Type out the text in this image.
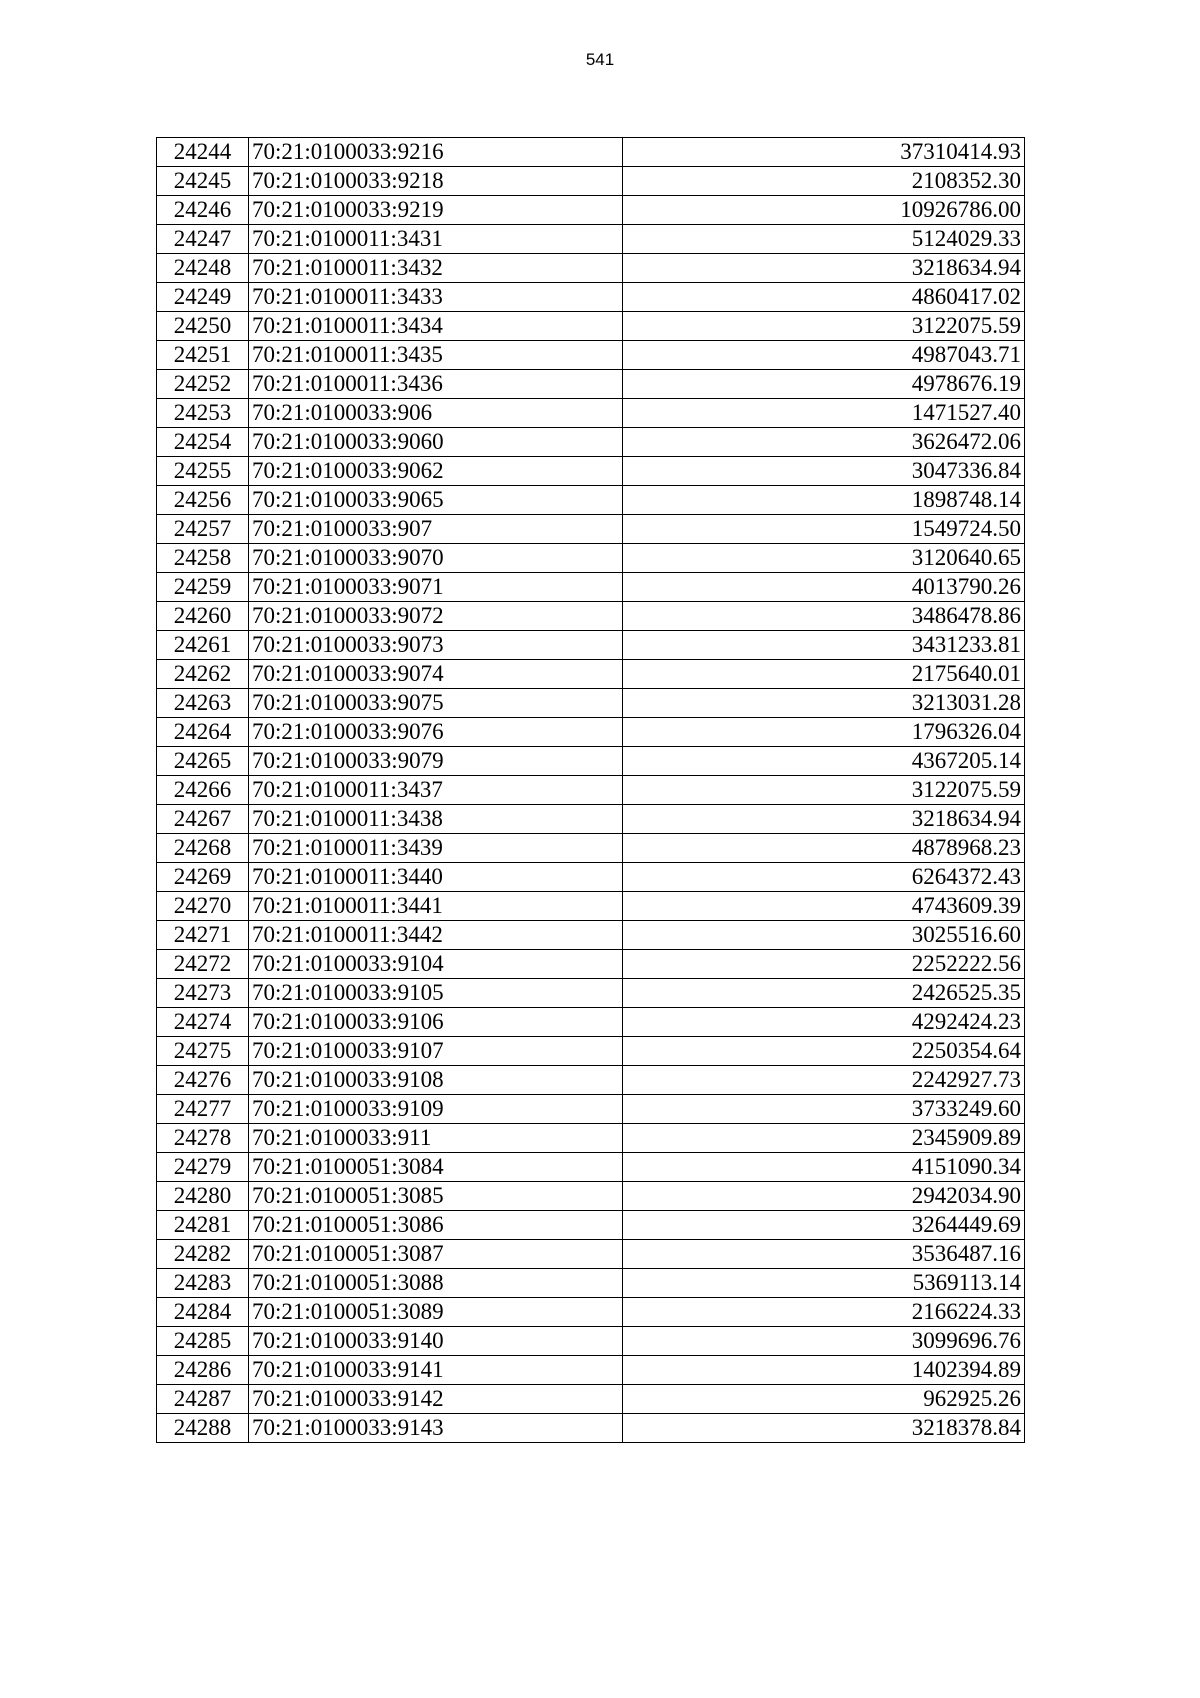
541
24244	70:21:0100033:9216	37310414.93
24245	70:21:0100033:9218	2108352.30
24246	70:21:0100033:9219	10926786.00
24247	70:21:0100011:3431	5124029.33
24248	70:21:0100011:3432	3218634.94
24249	70:21:0100011:3433	4860417.02
24250	70:21:0100011:3434	3122075.59
24251	70:21:0100011:3435	4987043.71
24252	70:21:0100011:3436	4978676.19
24253	70:21:0100033:906	1471527.40
24254	70:21:0100033:9060	3626472.06
24255	70:21:0100033:9062	3047336.84
24256	70:21:0100033:9065	1898748.14
24257	70:21:0100033:907	1549724.50
24258	70:21:0100033:9070	3120640.65
24259	70:21:0100033:9071	4013790.26
24260	70:21:0100033:9072	3486478.86
24261	70:21:0100033:9073	3431233.81
24262	70:21:0100033:9074	2175640.01
24263	70:21:0100033:9075	3213031.28
24264	70:21:0100033:9076	1796326.04
24265	70:21:0100033:9079	4367205.14
24266	70:21:0100011:3437	3122075.59
24267	70:21:0100011:3438	3218634.94
24268	70:21:0100011:3439	4878968.23
24269	70:21:0100011:3440	6264372.43
24270	70:21:0100011:3441	4743609.39
24271	70:21:0100011:3442	3025516.60
24272	70:21:0100033:9104	2252222.56
24273	70:21:0100033:9105	2426525.35
24274	70:21:0100033:9106	4292424.23
24275	70:21:0100033:9107	2250354.64
24276	70:21:0100033:9108	2242927.73
24277	70:21:0100033:9109	3733249.60
24278	70:21:0100033:911	2345909.89
24279	70:21:0100051:3084	4151090.34
24280	70:21:0100051:3085	2942034.90
24281	70:21:0100051:3086	3264449.69
24282	70:21:0100051:3087	3536487.16
24283	70:21:0100051:3088	5369113.14
24284	70:21:0100051:3089	2166224.33
24285	70:21:0100033:9140	3099696.76
24286	70:21:0100033:9141	1402394.89
24287	70:21:0100033:9142	962925.26
24288	70:21:0100033:9143	3218378.84
